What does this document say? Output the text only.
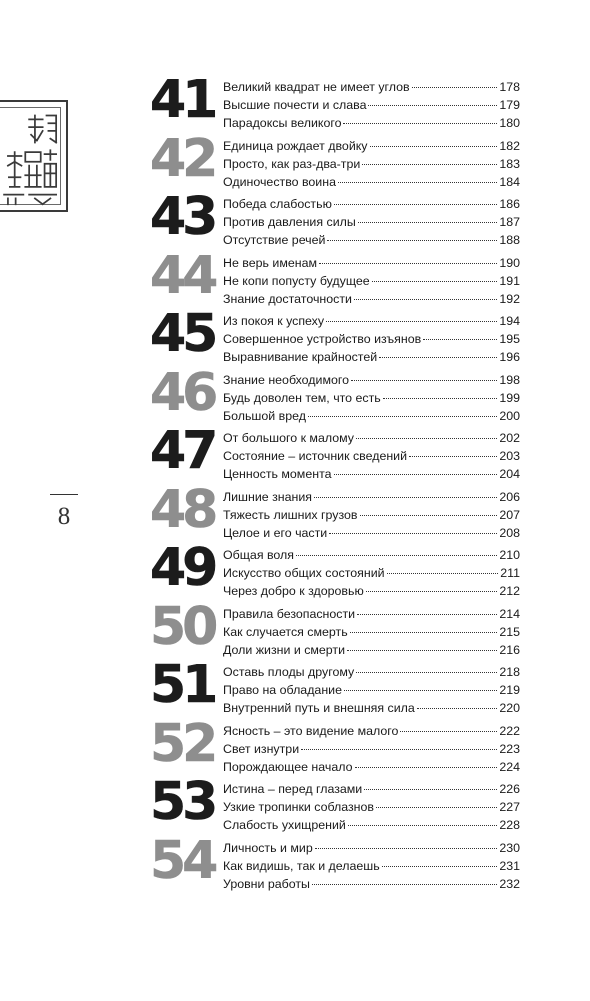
8
41 Великий квадрат не имеет углов	178
Высшие почести и слава	179
Парадоксы великого	180
42 Единица рождает двойку	182
Просто, как раз-два-три	183
Одиночество воина	184
43 Победа слабостью	186
Против давления силы	187
Отсутствие речей	188
44 Не верь именам	190
Не копи попусту будущее	191
Знание достаточности	192
45 Из покоя к успеху	194
Совершенное устройство изъянов	195
Выравнивание крайностей	196
46 Знание необходимого	198
Будь доволен тем, что есть	199
Большой вред	200
47 От большого к малому	202
Состояние – источник сведений	203
Ценность момента	204
48 Лишние знания	206
Тяжесть лишних грузов	207
Целое и его части	208
49 Общая воля	210
Искусство общих состояний	211
Через добро к здоровью	212
50 Правила безопасности	214
Как случается смерть	215
Доли жизни и смерти	216
51 Оставь плоды другому	218
Право на обладание	219
Внутренний путь и внешняя сила	220
52 Ясность – это видение малого	222
Свет изнутри	223
Порождающее начало	224
53 Истина – перед глазами	226
Узкие тропинки соблазнов	227
Слабость ухищрений	228
54 Личность и мир	230
Как видишь, так и делаешь	231
Уровни работы	232
